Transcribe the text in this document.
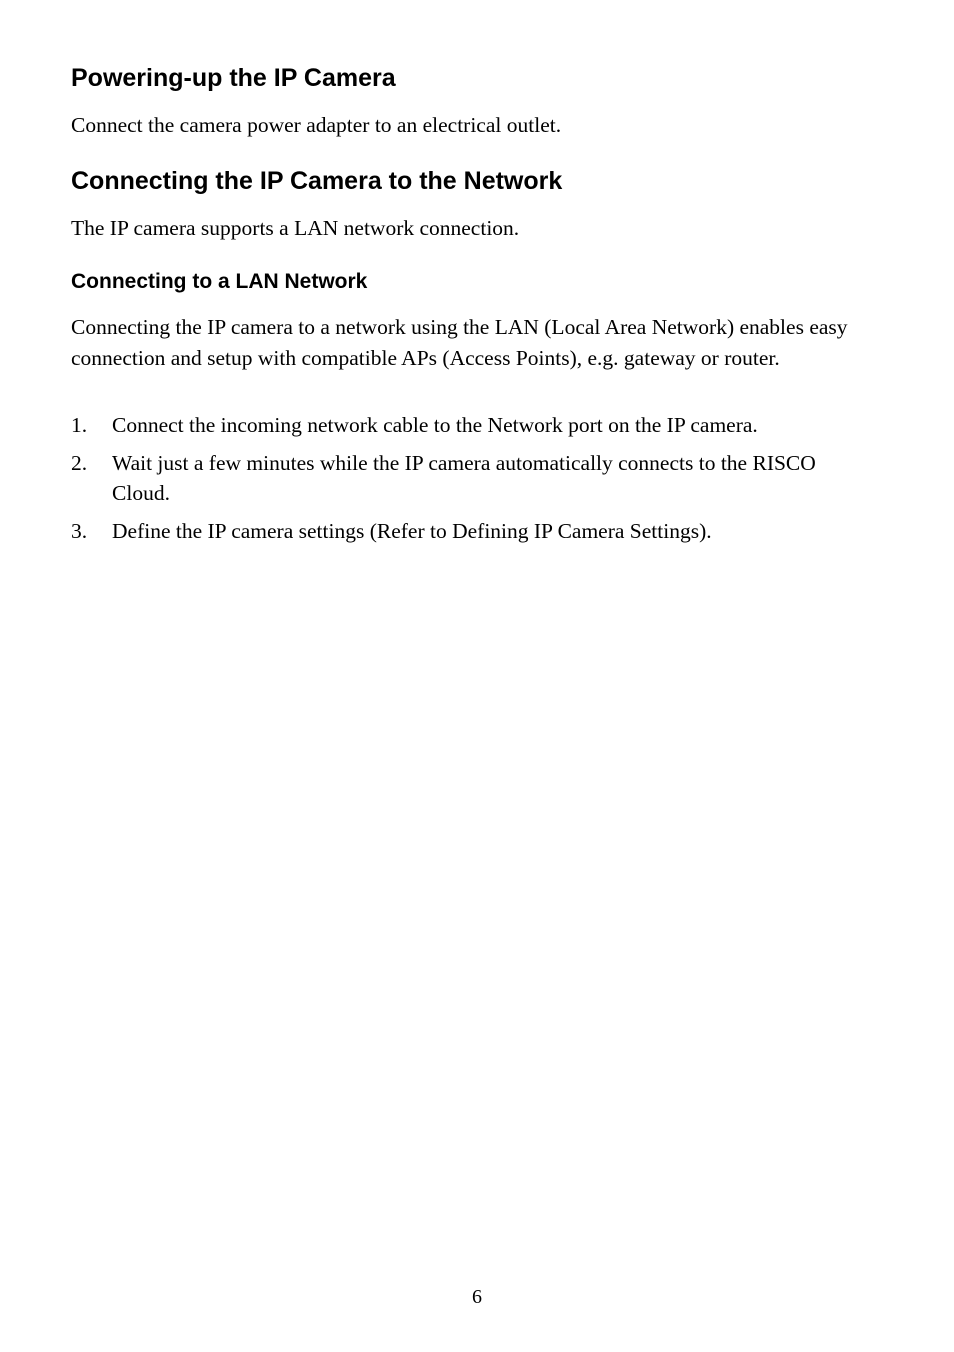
Powering-up the IP Camera

Connect the camera power adapter to an electrical outlet.

Connecting the IP Camera to the Network

The IP camera supports a LAN network connection.

Connecting to a LAN Network

Connecting the IP camera to a network using the LAN (Local Area Network) enables easy connection and setup with compatible APs (Access Points), e.g. gateway or router.

1. Connect the incoming network cable to the Network port on the IP camera.
2. Wait just a few minutes while the IP camera automatically connects to the RISCO Cloud.
3. Define the IP camera settings (Refer to Defining IP Camera Settings).
6
